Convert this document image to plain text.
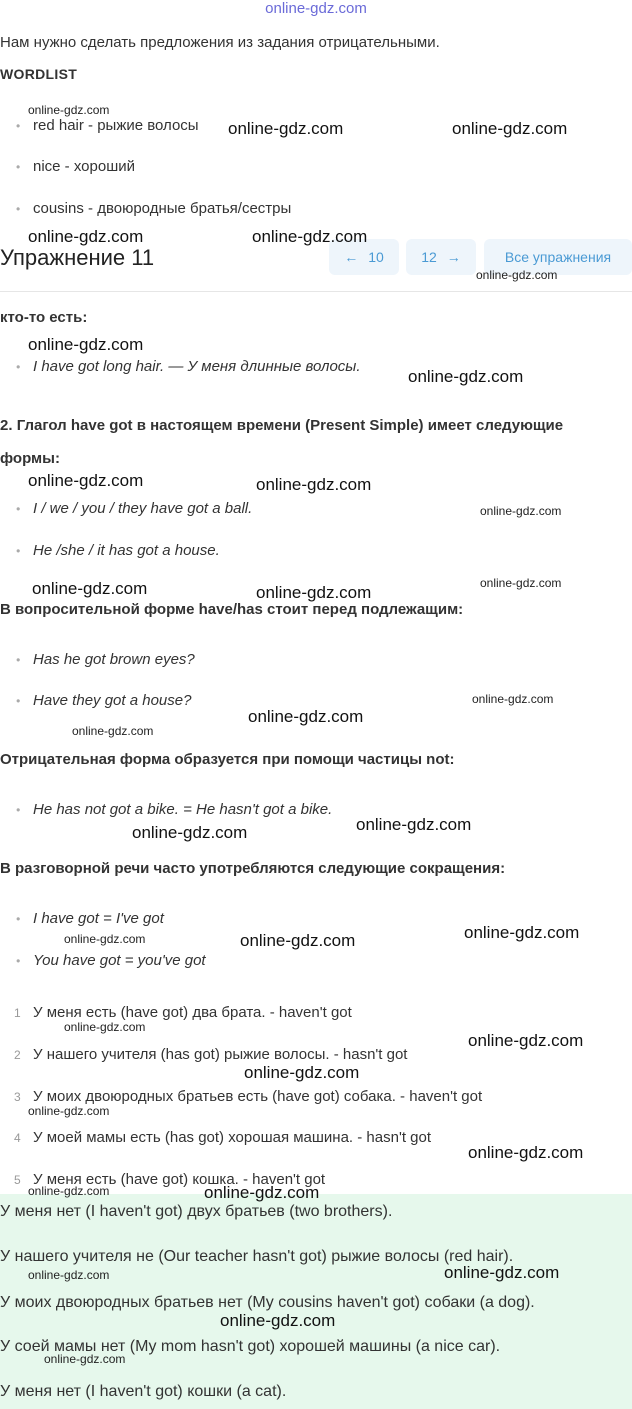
online-gdz.com
Нам нужно сделать предложения из задания отрицательными.
WORDLIST
• red hair - рыжие волосы
• nice - хороший
• cousins - двоюродные братья/сестры
Упражнение 11	← 10	12 →	Все упражнения
кто-то есть:
• I have got long hair. — У меня длинные волосы.
2. Глагол have got в настоящем времени (Present Simple) имеет следующие
формы:
• I / we / you / they have got a ball.
• He /she / it has got a house.
В вопросительной форме have/has стоит перед подлежащим:
• Has he got brown eyes?
• Have they got a house?
Отрицательная форма образуется при помощи частицы not:
• He has not got a bike. = He hasn't got a bike.
В разговорной речи часто употребляются следующие сокращения:
• I have got = I've got
• You have got = you've got
1 У меня есть (have got) два брата. - haven't got
2 У нашего учителя (has got) рыжие волосы. - hasn't got
3 У моих двоюродных братьев есть (have got) собака. - haven't got
4 У моей мамы есть (has got) хорошая машина. - hasn't got
5 У меня есть (have got) кошка. - haven't got
У меня нет (I haven't got) двух братьев (two brothers).
У нашего учителя не (Our teacher hasn't got) рыжие волосы (red hair).
У моих двоюродных братьев нет (My cousins haven't got) собаки (a dog).
У соей мамы нет (My mom hasn't got) хорошей машины (a nice car).
У меня нет (I haven't got) кошки (a cat).
online-gdz.com
online-gdz.com	online-gdz.com
online-gdz.com	online-gdz.com
online-gdz.com
online-gdz.com
online-gdz.com
online-gdz.com	online-gdz.com
online-gdz.com
online-gdz.com	online-gdz.com	online-gdz.com
online-gdz.com
online-gdz.com
online-gdz.com
online-gdz.com
online-gdz.com
online-gdz.com
online-gdz.com	online-gdz.com
online-gdz.com
online-gdz.com
online-gdz.com
online-gdz.com
online-gdz.com
online-gdz.com	online-gdz.com
online-gdz.com	online-gdz.com
online-gdz.com
online-gdz.com
